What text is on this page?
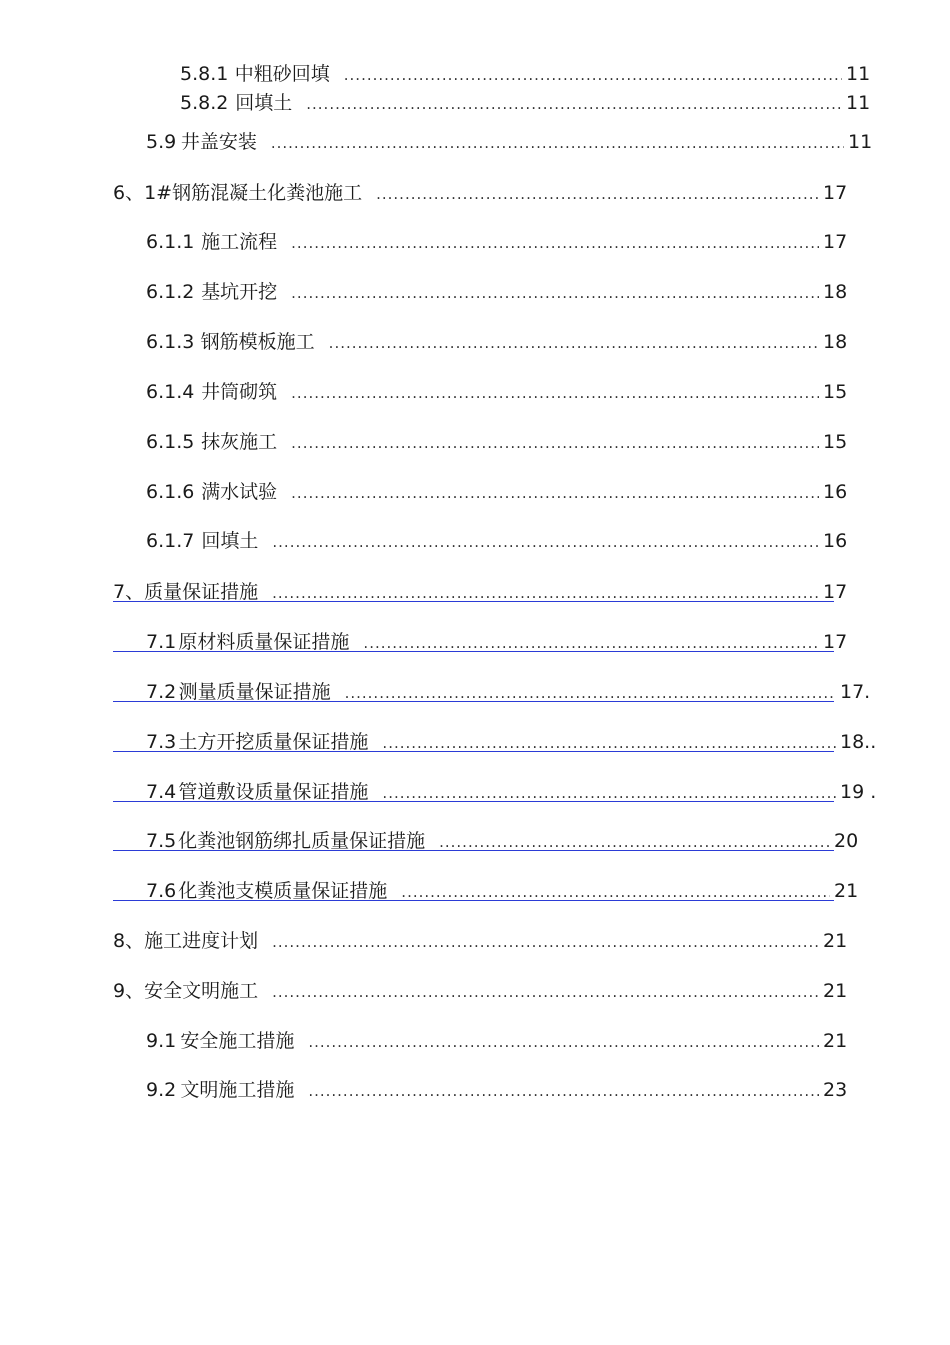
5.8.1 中粗砂回填 .....	11
5.8.2 回填土 .....	11
5.9 井盖安装 .....	11
6、 1#钢筋混凝土化粪池施工 .....	17
6.1.1 施工流程 .....	17
6.1.2 基坑开挖 .....	18
6.1.3 钢筋模板施工 .....	18
6.1.4 井筒砌筑 .....	15
6.1.5 抹灰施工 .....	15
6.1.6 满水试验 .....	16
6.1.7 回填土 .....	16
7、 质量保证措施 .....	17
7.1 原材料质量保证措施 .....	17
7.2 测量质量保证措施 .....	17.
7.3 土方开挖质量保证措施 .....	18..
7.4 管道敷设质量保证措施 .....	19 .
7.5 化粪池钢筋绑扎质量保证措施 .....	20
7.6 化粪池支模质量保证措施 .....	21
8、 施工进度计划 .....	21
9、 安全文明施工 .....	21
9.1 安全施工措施 .....	21
9.2 文明施工措施 .....	23
